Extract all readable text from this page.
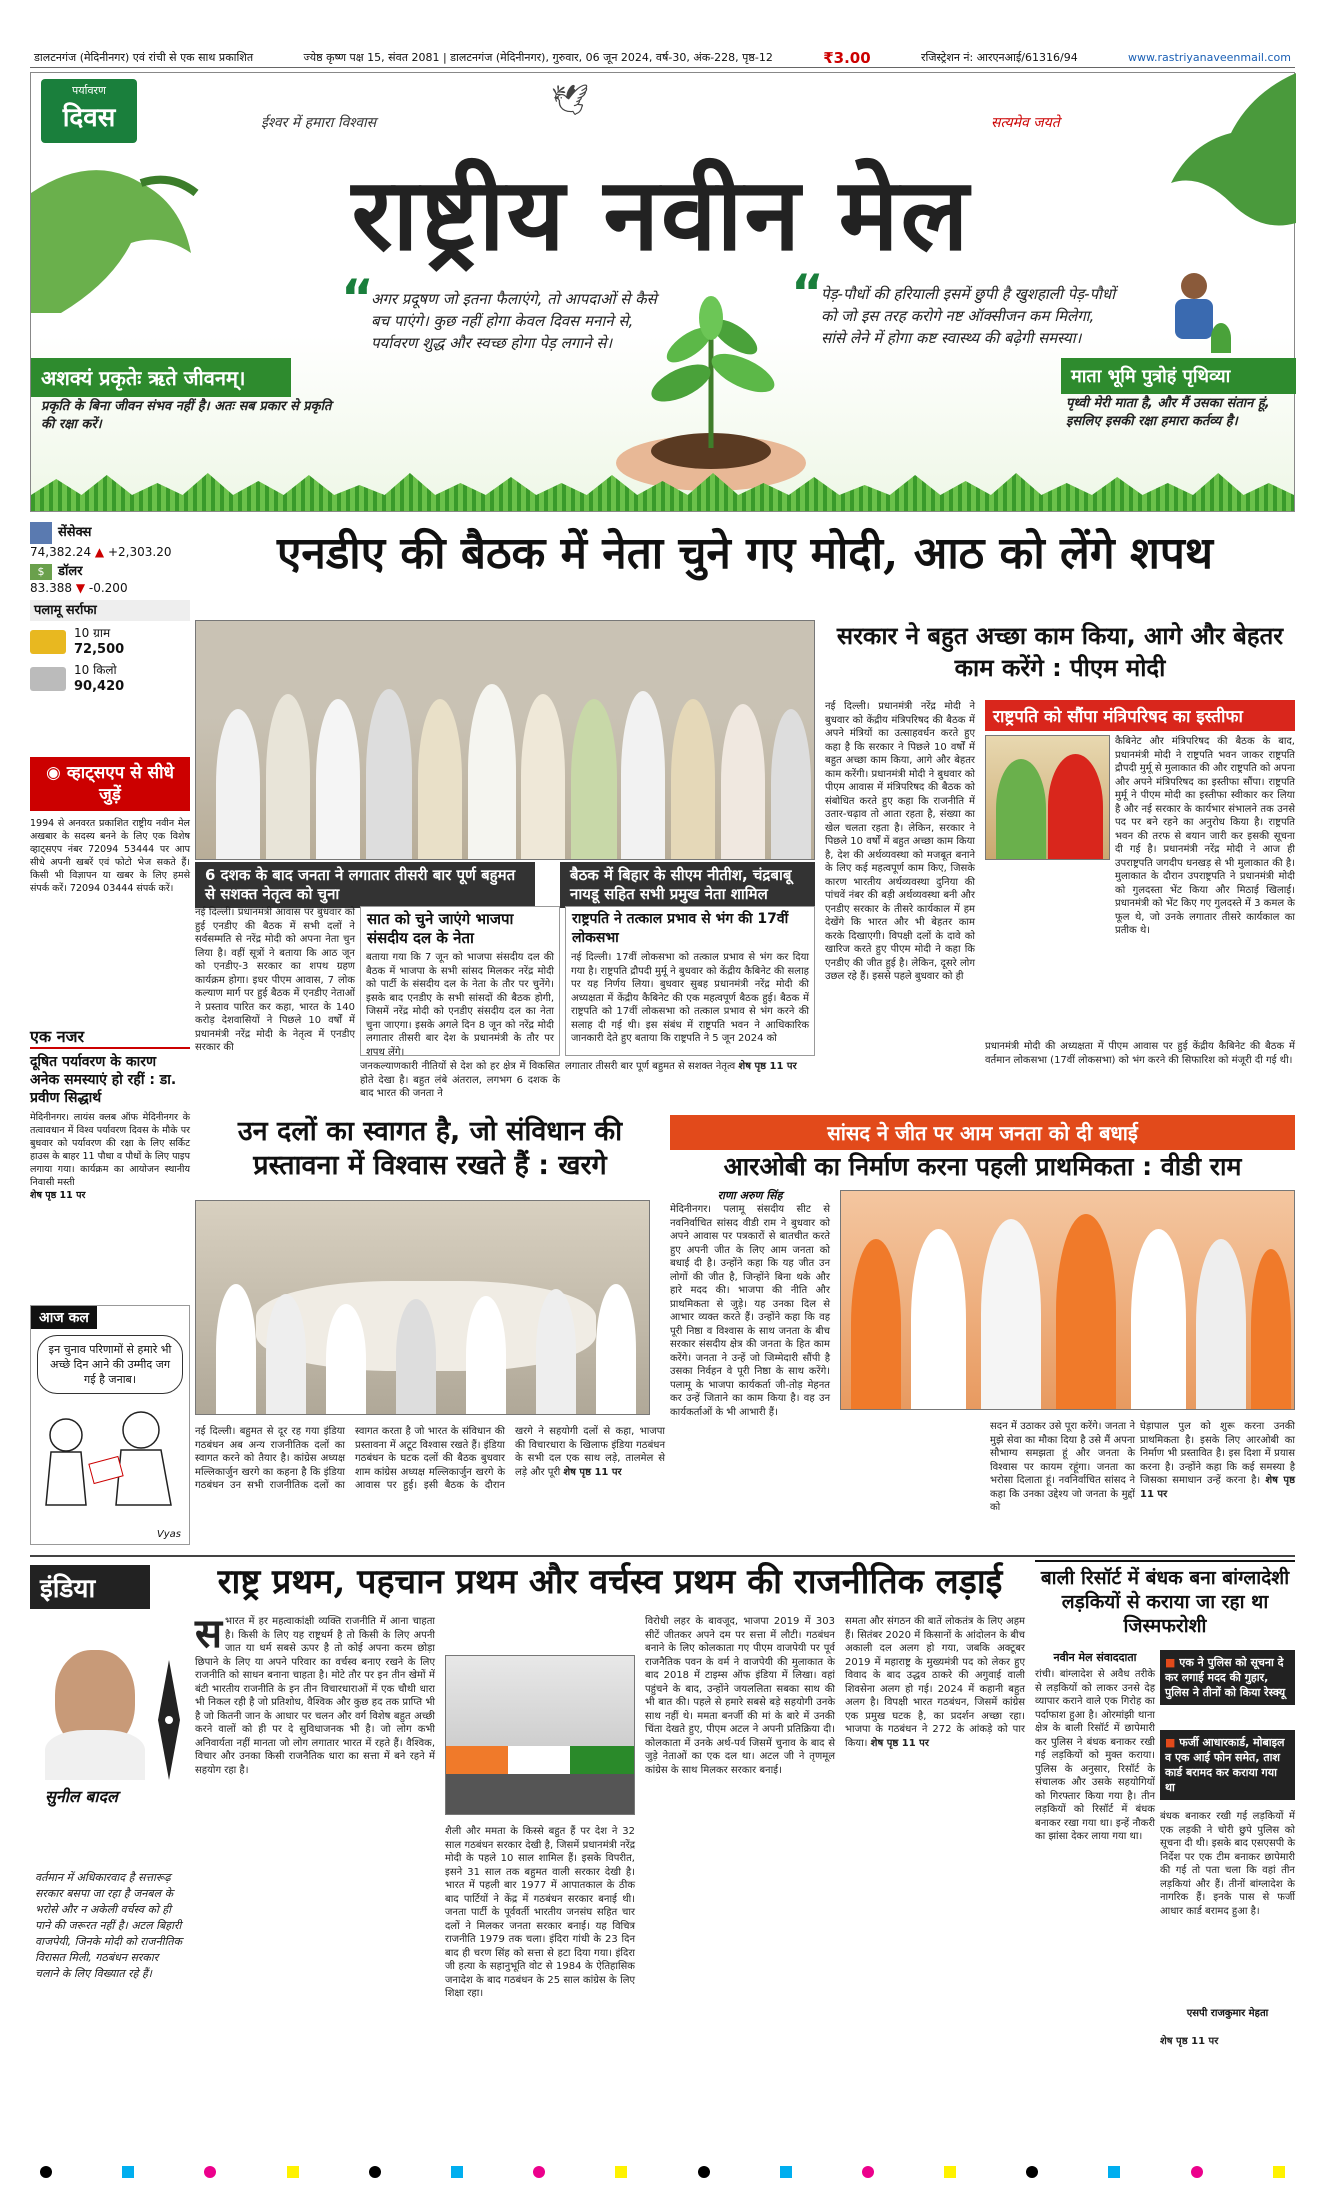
डालटनगंज (मेदिनीनगर) एवं रांची से एक साथ प्रकाशित	ज्येष्ठ कृष्ण पक्ष 15, संवत 2081 | डालटनगंज (मेदिनीनगर), गुरुवार, 06 जून 2024, वर्ष-30, अंक-228, पृष्ठ-12	₹3.00	रजिस्ट्रेशन नं: आरएनआई/61316/94	www.rastriyanaveenmail.com
पर्यावरण
दिवस	ईश्वर में हमारा विश्वास	सत्यमेव जयते
🕊
राष्ट्रीय नवीन मेल
अशक्यं प्रकृतेः ऋते जीवनम्।
प्रकृति के बिना जीवन संभव नहीं है। अतः सब प्रकार से प्रकृति की रक्षा करें।
“
अगर प्रदूषण जो इतना फैलाएंगे, तो आपदाओं से कैसे बच पाएंगे। कुछ नहीं होगा केवल दिवस मनाने से, पर्यावरण शुद्ध और स्वच्छ होगा पेड़ लगाने से।
“
पेड़-पौधों की हरियाली इसमें छुपी है खुशहाली पेड़-पौधों को जो इस तरह करोगे नष्ट ऑक्सीजन कम मिलेगा, सांसे लेने में होगा कष्ट स्वास्थ्य की बढ़ेगी समस्या।
माता भूमि पुत्रोहं पृथिव्या
पृथ्वी मेरी माता है, और मैं उसका संतान हूं, इसलिए इसकी रक्षा हमारा कर्तव्य है।
सेंसेक्स
74,382.24 ▲ +2,303.20
$	डॉलर
83.388 ▼ -0.200
पलामू सर्राफा
10 ग्राम
72,500
10 किलो
90,420
◉ व्हाट्सएप से सीधे जुड़ें
1994 से अनवरत प्रकाशित राष्ट्रीय नवीन मेल अखबार के सदस्य बनने के लिए एक विशेष व्हाट्सएप नंबर 72094 53444 पर आप सीधे अपनी खबरें एवं फोटो भेज सकते हैं। किसी भी विज्ञापन या खबर के लिए हमसे संपर्क करें। 72094 03444 संपर्क करें।
एक नजर
दूषित पर्यावरण के कारण अनेक समस्याएं हो रहीं : डा. प्रवीण सिद्धार्थ
मेदिनीनगर। लायंस क्लब ऑफ मेदिनीनगर के तत्वावधान में विश्व पर्यावरण दिवस के मौके पर बुधवार को पर्यावरण की रक्षा के लिए सर्किट हाउस के बाहर 11 पौधा व पौधों के लिए पाइप लगाया गया। कार्यक्रम का आयोजन स्थानीय निवासी मस्ती
शेष पृष्ठ 11 पर
आज कल
इन चुनाव परिणामों से हमारे भी अच्छे दिन आने की उम्मीद जग गई है जनाब।
Vyas
एनडीए की बैठक में नेता चुने गए मोदी, आठ को लेंगे शपथ
6 दशक के बाद जनता ने लगातार तीसरी बार पूर्ण बहुमत से सशक्त नेतृत्व को चुना
बैठक में बिहार के सीएम नीतीश, चंद्रबाबू नायडू सहित सभी प्रमुख नेता शामिल
नई दिल्ली। प्रधानमंत्री आवास पर बुधवार को हुई एनडीए की बैठक में सभी दलों ने सर्वसम्मति से नरेंद्र मोदी को अपना नेता चुन लिया है। वहीं सूत्रों ने बताया कि आठ जून को एनडीए-3 सरकार का शपथ ग्रहण कार्यक्रम होगा। इधर पीएम आवास, 7 लोक कल्याण मार्ग पर हुई बैठक में एनडीए नेताओं ने प्रस्ताव पारित कर कहा, भारत के 140 करोड़ देशवासियों ने पिछले 10 वर्षों में प्रधानमंत्री नरेंद्र मोदी के नेतृत्व में एनडीए सरकार की
सात को चुने जाएंगे भाजपा संसदीय दल के नेता
बताया गया कि 7 जून को भाजपा संसदीय दल की बैठक में भाजपा के सभी सांसद मिलकर नरेंद्र मोदी को पार्टी के संसदीय दल के नेता के तौर पर चुनेंगे। इसके बाद एनडीए के सभी सांसदों की बैठक होगी, जिसमें नरेंद्र मोदी को एनडीए संसदीय दल का नेता चुना जाएगा। इसके अगले दिन 8 जून को नरेंद्र मोदी लगातार तीसरी बार देश के प्रधानमंत्री के तौर पर शपथ लेंगे।
जनकल्याणकारी नीतियों से देश को हर क्षेत्र में विकसित होते देखा है। बहुत लंबे अंतराल, लगभग 6 दशक के बाद भारत की जनता ने
राष्ट्रपति ने तत्काल प्रभाव से भंग की 17वीं लोकसभा
नई दिल्ली। 17वीं लोकसभा को तत्काल प्रभाव से भंग कर दिया गया है। राष्ट्रपति द्रौपदी मुर्मू ने बुधवार को केंद्रीय कैबिनेट की सलाह पर यह निर्णय लिया। बुधवार सुबह प्रधानमंत्री नरेंद्र मोदी की अध्यक्षता में केंद्रीय कैबिनेट की एक महत्वपूर्ण बैठक हुई। बैठक में राष्ट्रपति को 17वीं लोकसभा को तत्काल प्रभाव से भंग करने की सलाह दी गई थी। इस संबंध में राष्ट्रपति भवन ने आधिकारिक जानकारी देते हुए बताया कि राष्ट्रपति ने 5 जून 2024 को
लगातार तीसरी बार पूर्ण बहुमत से सशक्त नेतृत्व शेष पृष्ठ 11 पर
सरकार ने बहुत अच्छा काम किया, आगे और बेहतर काम करेंगे : पीएम मोदी
नई दिल्ली। प्रधानमंत्री नरेंद्र मोदी ने बुधवार को केंद्रीय मंत्रिपरिषद की बैठक में अपने मंत्रियों का उत्साहवर्धन करते हुए कहा है कि सरकार ने पिछले 10 वर्षों में बहुत अच्छा काम किया, आगे और बेहतर काम करेंगी। प्रधानमंत्री मोदी ने बुधवार को पीएम आवास में मंत्रिपरिषद की बैठक को संबोधित करते हुए कहा कि राजनीति में उतार-चढ़ाव तो आता रहता है, संख्या का खेल चलता रहता है। लेकिन, सरकार ने पिछले 10 वर्षों में बहुत अच्छा काम किया है, देश की अर्थव्यवस्था को मजबूत बनाने के लिए कई महत्वपूर्ण काम किए, जिसके कारण भारतीय अर्थव्यवस्था दुनिया की पांचवें नंबर की बड़ी अर्थव्यवस्था बनी और एनडीए सरकार के तीसरे कार्यकाल में हम देखेंगे कि भारत और भी बेहतर काम करके दिखाएगी। विपक्षी दलों के दावे को खारिज करते हुए पीएम मोदी ने कहा कि एनडीए की जीत हुई है। लेकिन, दूसरे लोग उछल रहे हैं। इससे पहले बुधवार को ही
राष्ट्रपति को सौंपा मंत्रिपरिषद का इस्तीफा
कैबिनेट और मंत्रिपरिषद की बैठक के बाद, प्रधानमंत्री मोदी ने राष्ट्रपति भवन जाकर राष्ट्रपति द्रौपदी मुर्मू से मुलाकात की और राष्ट्रपति को अपना और अपने मंत्रिपरिषद का इस्तीफा सौंपा। राष्ट्रपति मुर्मू ने पीएम मोदी का इस्तीफा स्वीकार कर लिया है और नई सरकार के कार्यभार संभालने तक उनसे पद पर बने रहने का अनुरोध किया है। राष्ट्रपति भवन की तरफ से बयान जारी कर इसकी सूचना दी गई है। प्रधानमंत्री नरेंद्र मोदी ने आज ही उपराष्ट्रपति जगदीप धनखड़ से भी मुलाकात की है। मुलाकात के दौरान उपराष्ट्रपति ने प्रधानमंत्री मोदी को गुलदस्ता भेंट किया और मिठाई खिलाई। प्रधानमंत्री को भेंट किए गए गुलदस्ते में 3 कमल के फूल थे, जो उनके लगातार तीसरे कार्यकाल का प्रतीक थे।
प्रधानमंत्री मोदी की अध्यक्षता में पीएम आवास पर हुई केंद्रीय कैबिनेट की बैठक में वर्तमान लोकसभा (17वीं लोकसभा) को भंग करने की सिफारिश को मंजूरी दी गई थी।
उन दलों का स्वागत है, जो संविधान की प्रस्तावना में विश्वास रखते हैं : खरगे
नई दिल्ली। बहुमत से दूर रह गया इंडिया गठबंधन अब अन्य राजनीतिक दलों का स्वागत करने को तैयार है। कांग्रेस अध्यक्ष मल्लिकार्जुन खरगे का कहना है कि इंडिया गठबंधन उन सभी राजनीतिक दलों का स्वागत करता है जो भारत के संविधान की प्रस्तावना में अटूट विश्वास रखते हैं। इंडिया गठबंधन के घटक दलों की बैठक बुधवार शाम कांग्रेस अध्यक्ष मल्लिकार्जुन खरगे के आवास पर हुई। इसी बैठक के दौरान खरगे ने सहयोगी दलों से कहा, भाजपा की विचारधारा के खिलाफ इंडिया गठबंधन के सभी दल एक साथ लड़े, तालमेल से लड़े और पूरी शेष पृष्ठ 11 पर
सांसद ने जीत पर आम जनता को दी बधाई
आरओबी का निर्माण करना पहली प्राथमिकता : वीडी राम
राणा अरुण सिंह
मेदिनीनगर। पलामू संसदीय सीट से नवनिर्वाचित सांसद वीडी राम ने बुधवार को अपने आवास पर पत्रकारों से बातचीत करते हुए अपनी जीत के लिए आम जनता को बधाई दी है। उन्होंने कहा कि यह जीत उन लोगों की जीत है, जिन्होंने बिना थके और हारे मदद की। भाजपा की नीति और प्राथमिकता से जुड़े। यह उनका दिल से आभार व्यक्त करते हैं। उन्होंने कहा कि वह पूरी निष्ठा व विश्वास के साथ जनता के बीच सरकार संसदीय क्षेत्र की जनता के हित काम करेंगे। जनता ने उन्हें जो जिम्मेदारी सौंपी है उसका निर्वहन वे पूरी निष्ठा के साथ करेंगे। पलामू के भाजपा कार्यकर्ता जी-तोड़ मेहनत कर उन्हें जिताने का काम किया है। वह उन कार्यकर्ताओं के भी आभारी हैं।
सदन में उठाकर उसे पूरा करेंगे। जनता ने मुझे सेवा का मौका दिया है उसे मैं अपना सौभाग्य समझता हूं और जनता के विश्वास पर कायम रहूंगा। जनता का भरोसा दिलाता हूं। नवनिर्वाचित सांसद ने कहा कि उनका उद्देश्य जो जनता के मुद्दों को
घेड़ापाल पुल को शुरू करना उनकी प्राथमिकता है। इसके लिए आरओबी का निर्माण भी प्रस्तावित है। इस दिशा में प्रयास करना है। उन्होंने कहा कि कई समस्या है जिसका समाधान उन्हें करना है। शेष पृष्ठ 11 पर
इंडिया
सुनील बादल
वर्तमान में अधिकारवाद है सत्तारूढ़ सरकार बसपा जा रहा है जनबल के भरोसे और न अकेली वर्चस्व को ही पाने की जरूरत नहीं है। अटल बिहारी वाजपेयी, जिनके मोदी को राजनीतिक विरासत मिली, गठबंधन सरकार चलाने के लिए विख्यात रहे हैं।
राष्ट्र प्रथम, पहचान प्रथम और वर्चस्व प्रथम की राजनीतिक लड़ाई
स भारत में हर महत्वाकांक्षी व्यक्ति राजनीति में आना चाहता है। किसी के लिए यह राष्ट्रधर्म है तो किसी के लिए अपनी जात या धर्म सबसे ऊपर है तो कोई अपना करम छोड़ा छिपाने के लिए या अपने परिवार का वर्चस्व बनाए रखने के लिए राजनीति को साधन बनाना चाहता है। मोटे तौर पर इन तीन खेमों में बंटी भारतीय राजनीति के इन तीन विचारधाराओं में एक चौथी धारा भी निकल रही है जो प्रतिशोध, वैश्विक और कुछ हद तक प्राप्ति भी है जो कितनी जान के आधार पर चलन और वर्ग विशेष बहुत अच्छी करने वालों को ही पर दे सुविधाजनक भी है। जो लोग कभी अनिवार्यता नहीं मानता जो लोग लगातार भारत में रहते हैं। वैश्विक, विचार और उनका किसी राजनैतिक धारा का सत्ता में बने रहने में सहयोग रहा है।
शैली और ममता के किस्से बहुत हैं पर देश ने 32 साल गठबंधन सरकार देखी है, जिसमें प्रधानमंत्री नरेंद्र मोदी के पहले 10 साल शामिल हैं। इसके विपरीत, इसने 31 साल तक बहुमत वाली सरकार देखी है। भारत में पहली बार 1977 में आपातकाल के ठीक बाद पार्टियों ने केंद्र में गठबंधन सरकार बनाई थी। जनता पार्टी के पूर्ववर्ती भारतीय जनसंघ सहित चार दलों ने मिलकर जनता सरकार बनाई। यह विचित्र राजनीति 1979 तक चला। इंदिरा गांधी के 23 दिन बाद ही चरण सिंह को सत्ता से हटा दिया गया। इंदिरा जी हत्या के सहानुभूति वोट से 1984 के ऐतिहासिक जनादेश के बाद गठबंधन के 25 साल कांग्रेस के लिए शिक्षा रहा।
विरोधी लहर के बावजूद, भाजपा 2019 में 303 सीटें जीतकर अपने दम पर सत्ता में लौटी। गठबंधन बनाने के लिए कोलकाता गए पीएम वाजपेयी पर पूर्व राजनैतिक पवन के वर्म ने वाजपेयी की मुलाकात के बाद 2018 में टाइम्स ऑफ इंडिया में लिखा। वहां पहुंचने के बाद, उन्होंने जयललिता सबका साथ की भी बात की। पहले से हमारे सबसे बड़े सहयोगी उनके साथ नहीं थे। ममता बनर्जी की मां के बारे में उनकी चिंता देखते हुए, पीएम अटल ने अपनी प्रतिक्रिया दी। कोलकाता में उनके अर्थ-पर्व जिसमें चुनाव के बाद से जुड़े नेताओं का एक दल था। अटल जी ने तृणमूल कांग्रेस के साथ मिलकर सरकार बनाई।
समता और संगठन की बातें लोकतंत्र के लिए अहम हैं। सितंबर 2020 में किसानों के आंदोलन के बीच अकाली दल अलग हो गया, जबकि अक्टूबर 2019 में महाराष्ट्र के मुख्यमंत्री पद को लेकर हुए विवाद के बाद उद्धव ठाकरे की अगुवाई वाली शिवसेना अलग हो गई। 2024 में कहानी बहुत अलग है। विपक्षी भारत गठबंधन, जिसमें कांग्रेस एक प्रमुख घटक है, का प्रदर्शन अच्छा रहा। भाजपा के गठबंधन ने 272 के आंकड़े को पार किया। शेष पृष्ठ 11 पर
बाली रिसॉर्ट में बंधक बना बांग्लादेशी लड़कियों से कराया जा रहा था जिस्मफरोशी
नवीन मेल संवाददाता
रांची। बांग्लादेश से अवैध तरीके से लड़कियों को लाकर उनसे देह व्यापार कराने वाले एक गिरोह का पर्दाफाश हुआ है। ओरमांझी थाना क्षेत्र के बाली रिसॉर्ट में छापेमारी कर पुलिस ने बंधक बनाकर रखी गई लड़कियों को मुक्त कराया। पुलिस के अनुसार, रिसॉर्ट के संचालक और उसके सहयोगियों को गिरफ्तार किया गया है। तीन लड़कियों को रिसॉर्ट में बंधक बनाकर रखा गया था। इन्हें नौकरी का झांसा देकर लाया गया था।
■ एक ने पुलिस को सूचना दे कर लगाई मदद की गुहार, पुलिस ने तीनों को किया रेस्क्यू
■ फर्जी आधारकार्ड, मोबाइल व एक आई फोन समेत, ताश कार्ड बरामद कर कराया गया था
बंधक बनाकर रखी गई लड़कियों में एक लड़की ने चोरी छुपे पुलिस को सूचना दी थी। इसके बाद एसएसपी के निर्देश पर एक टीम बनाकर छापेमारी की गई तो पता चला कि वहां तीन लड़कियां और हैं। तीनों बांग्लादेश के नागरिक हैं। इनके पास से फर्जी आधार कार्ड बरामद हुआ है।
एसपी राजकुमार मेहता
शेष पृष्ठ 11 पर
